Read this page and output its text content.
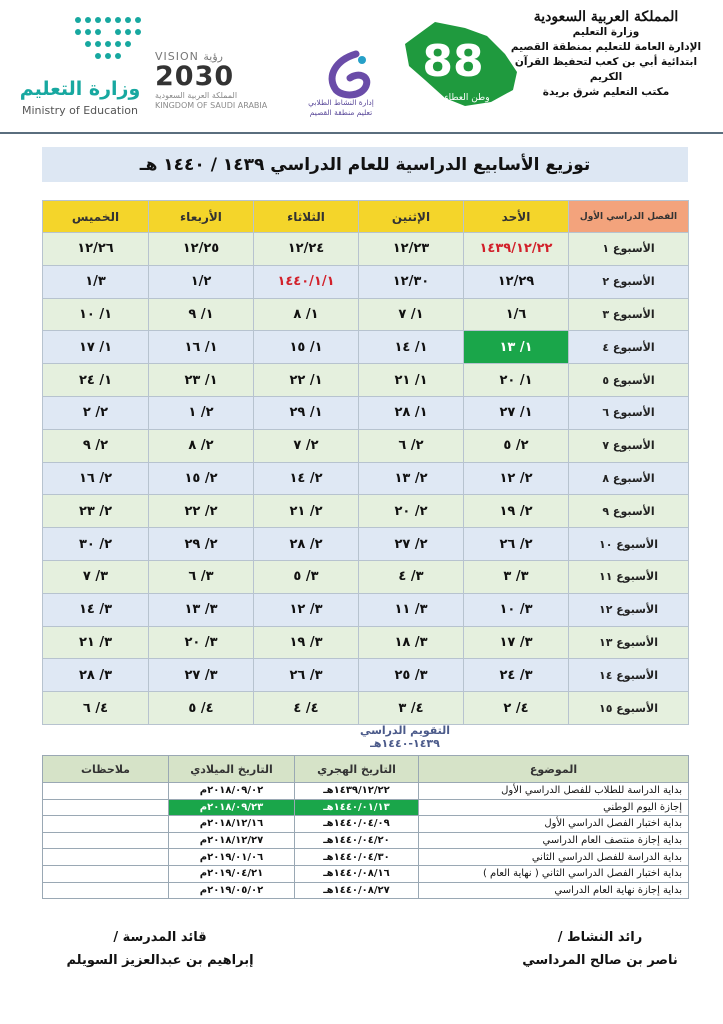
المملكة العربية السعودية
وزارة التعليم
الإدارة العامة للتعليم بمنطقة القصيم
ابتدائية أبي بن كعب لتحفيظ القرآن الكريم
مكتب التعليم شرق بريدة
88
وطن العطاء
إدارة النشاط الطلابي
تعليم منطقة القصيم
VISION رؤية
2030
المملكة العربية السعودية
KINGDOM OF SAUDI ARABIA
وزارة التعليم
Ministry of Education
توزيع الأسابيع الدراسية للعام الدراسي ١٤٣٩ / ١٤٤٠ هـ
الفصل الدراسي الأول	الأحد	الإثنين	الثلاثاء	الأربعاء	الخميس
الأسبوع ١	١٤٣٩/١٢/٢٢	١٢/٢٣	١٢/٢٤	١٢/٢٥	١٢/٢٦
الأسبوع ٢	١٢/٢٩	١٢/٣٠	١٤٤٠/١/١	١/٢	١/٣
الأسبوع ٣	١/٦	١/ ٧	١/ ٨	١/ ٩	١/ ١٠
الأسبوع ٤	١/ ١٣	١/ ١٤	١/ ١٥	١/ ١٦	١/ ١٧
الأسبوع ٥	١/ ٢٠	١/ ٢١	١/ ٢٢	١/ ٢٣	١/ ٢٤
الأسبوع ٦	١/ ٢٧	١/ ٢٨	١/ ٢٩	٢/ ١	٢/ ٢
الأسبوع ٧	٢/ ٥	٢/ ٦	٢/ ٧	٢/ ٨	٢/ ٩
الأسبوع ٨	٢/ ١٢	٢/ ١٣	٢/ ١٤	٢/ ١٥	٢/ ١٦
الأسبوع ٩	٢/ ١٩	٢/ ٢٠	٢/ ٢١	٢/ ٢٢	٢/ ٢٣
الأسبوع ١٠	٢/ ٢٦	٢/ ٢٧	٢/ ٢٨	٢/ ٢٩	٢/ ٣٠
الأسبوع ١١	٣/ ٣	٣/ ٤	٣/ ٥	٣/ ٦	٣/ ٧
الأسبوع ١٢	٣/ ١٠	٣/ ١١	٣/ ١٢	٣/ ١٣	٣/ ١٤
الأسبوع ١٣	٣/ ١٧	٣/ ١٨	٣/ ١٩	٣/ ٢٠	٣/ ٢١
الأسبوع ١٤	٣/ ٢٤	٣/ ٢٥	٣/ ٢٦	٣/ ٢٧	٣/ ٢٨
الأسبوع ١٥	٤/ ٢	٤/ ٣	٤/ ٤	٤/ ٥	٤/ ٦
التقويم الدراسي ١٤٣٩-١٤٤٠هـ
الموضوع	التاريخ الهجري	التاريخ الميلادي	ملاحظات
بداية الدراسة للطلاب للفصل الدراسي الأول	١٤٣٩/١٢/٢٢هـ	٢٠١٨/٠٩/٠٢م	
إجازة اليوم الوطني	١٤٤٠/٠١/١٣هـ	٢٠١٨/٠٩/٢٣م	
بداية اختبار الفصل الدراسي الأول	١٤٤٠/٠٤/٠٩هـ	٢٠١٨/١٢/١٦م	
بداية إجازة منتصف العام الدراسي	١٤٤٠/٠٤/٢٠هـ	٢٠١٨/١٢/٢٧م	
بداية الدراسة للفصل الدراسي الثاني	١٤٤٠/٠٤/٣٠هـ	٢٠١٩/٠١/٠٦م	
بداية اختبار الفصل الدراسي الثاني ( نهاية العام )	١٤٤٠/٠٨/١٦هـ	٢٠١٩/٠٤/٢١م	
بداية إجازة نهاية العام الدراسي	١٤٤٠/٠٨/٢٧هـ	٢٠١٩/٠٥/٠٢م	
رائد النشاط /
ناصر بن صالح المرداسي
قائد المدرسة /
إبراهيم بن عبدالعزيز السويلم
